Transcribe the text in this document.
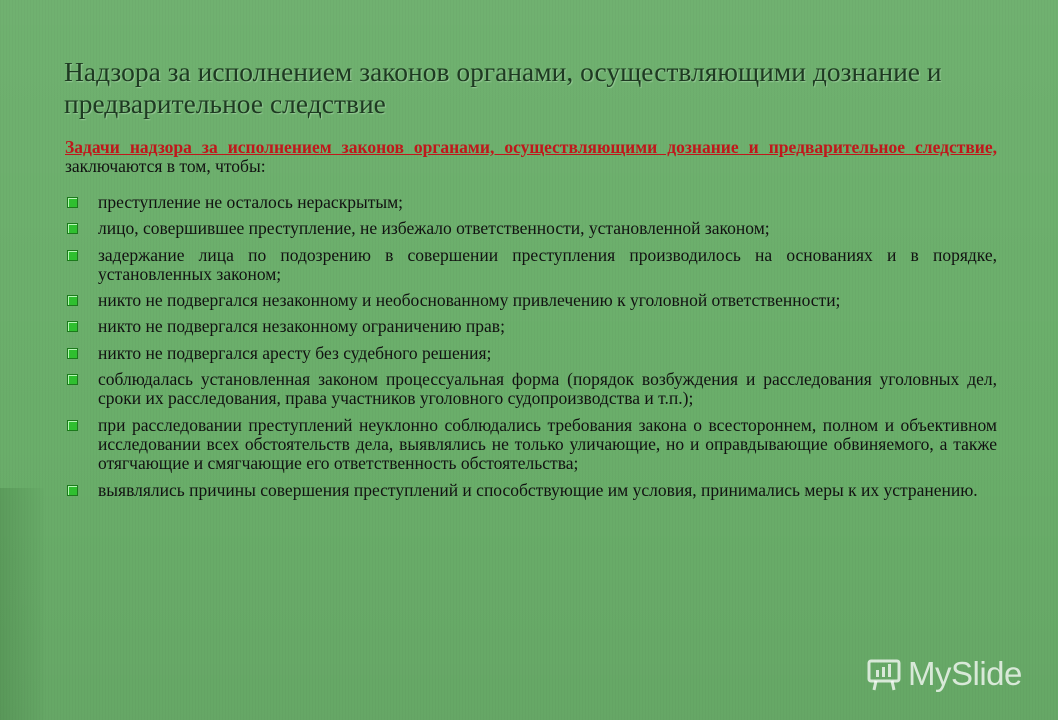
Надзора за исполнением законов органами, осуществляющими дознание и предварительное следствие

Задачи надзора за исполнением законов органами, осуществляющими дознание и предварительное следствие, заключаются в том, чтобы:

преступление не осталось нераскрытым;
лицо, совершившее преступление, не избежало ответственности, установленной законом;
задержание лица по подозрению в совершении преступления производилось на основаниях и в порядке, установленных законом;
никто не подвергался незаконному и необоснованному привлечению к уголовной ответственности;
никто не подвергался незаконному ограничению прав;
никто не подвергался аресту без судебного решения;
соблюдалась установленная законом процессуальная форма (порядок возбуждения и расследования уголовных дел, сроки их расследования, права участников уголовного судопроизводства и т.п.);
при расследовании преступлений неуклонно соблюдались требования закона о всестороннем, полном и объективном исследовании всех обстоятельств дела, выявлялись не только уличающие, но и оправдывающие обвиняемого, а также отягчающие и смягчающие его ответственность обстоятельства;
выявлялись причины совершения преступлений и способствующие им условия, принимались меры к их устранению.
MySlide
